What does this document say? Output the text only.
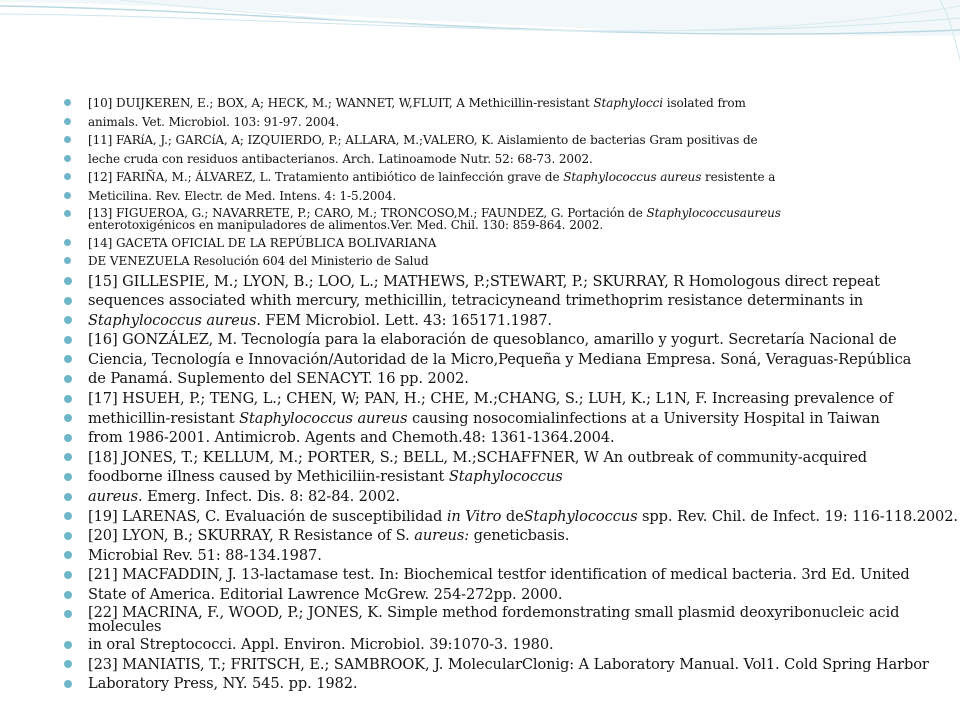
[10] DUIJKEREN, E.; BOX, A; HECK, M.; WANNET, W,FLUIT, A Methicillin-resistant Staphylocci isolated from
animals. Vet. Microbiol. 103: 91-97. 2004.
[11] FARíA, J.; GARCíA, A; IZQUIERDO, P.; ALLARA, M.;VALERO, K. Aislamiento de bacterias Gram positivas de
leche cruda con residuos antibacterianos. Arch. Latinoamode Nutr. 52: 68-73. 2002.
[12] FARIÑA, M.; ÁLVAREZ, L. Tratamiento antibiótico de lainfección grave de Staphylococcus aureus resistente a
Meticilina. Rev. Electr. de Med. Intens. 4: 1-5.2004.
[13] FIGUEROA, G.; NAVARRETE, P.; CARO, M.; TRONCOSO,M.; FAUNDEZ, G. Portación de Staphylococcusaureus
enterotoxigénicos en manipuladores de alimentos.Ver. Med. Chil. 130: 859-864. 2002.
[14] GACETA OFICIAL DE LA REPÚBLICA BOLIVARIANA
DE VENEZUELA Resolución 604 del Ministerio de Salud
[15] GILLESPIE, M.; LYON, B.; LOO, L.; MATHEWS, P.;STEWART, P.; SKURRAY, R Homologous direct repeat
sequences associated whith mercury, methicillin, tetracicyneand trimethoprim resistance determinants in
Staphylococcus aureus. FEM Microbiol. Lett. 43: 165171.1987.
[16] GONZÁLEZ, M. Tecnología para la elaboración de quesoblanco, amarillo y yogurt. Secretaría Nacional de
Ciencia, Tecnología e Innovación/Autoridad de la Micro,Pequeña y Mediana Empresa. Soná, Veraguas-República
de Panamá. Suplemento del SENACYT. 16 pp. 2002.
[17] HSUEH, P.; TENG, L.; CHEN, W; PAN, H.; CHE, M.;CHANG, S.; LUH, K.; L1N, F. Increasing prevalence of
methicillin-resistant Staphylococcus aureus causing nosocomialinfections at a University Hospital in Taiwan
from 1986-2001. Antimicrob. Agents and Chemoth.48: 1361-1364.2004.
[18] JONES, T.; KELLUM, M.; PORTER, S.; BELL, M.;SCHAFFNER, W An outbreak of community-acquired
foodborne iIlness caused by Methiciliin-resistant Staphylococcus
aureus. Emerg. Infect. Dis. 8: 82-84. 2002.
[19] LARENAS, C. Evaluación de susceptibilidad in Vitro deStaphylococcus spp. Rev. Chil. de Infect. 19: 116-118.2002.
[20] LYON, B.; SKURRAY, R Resistance of S. aureus: geneticbasis.
Microbial Rev. 51: 88-134.1987.
[21] MACFADDIN, J. 13-lactamase test. In: Biochemical testfor identification of medical bacteria. 3rd Ed. United
State of America. Editorial Lawrence McGrew. 254-272pp. 2000.
[22] MACRINA, F., WOOD, P.; JONES, K. Simple method fordemonstrating small plasmid deoxyribonucleic acid
molecules
in oral Streptococci. Appl. Environ. Microbiol. 39:1070-3. 1980.
[23] MANIATIS, T.; FRITSCH, E.; SAMBROOK, J. MolecularClonig: A Laboratory Manual. Vol1. Cold Spring Harbor
Laboratory Press, NY. 545. pp. 1982.
